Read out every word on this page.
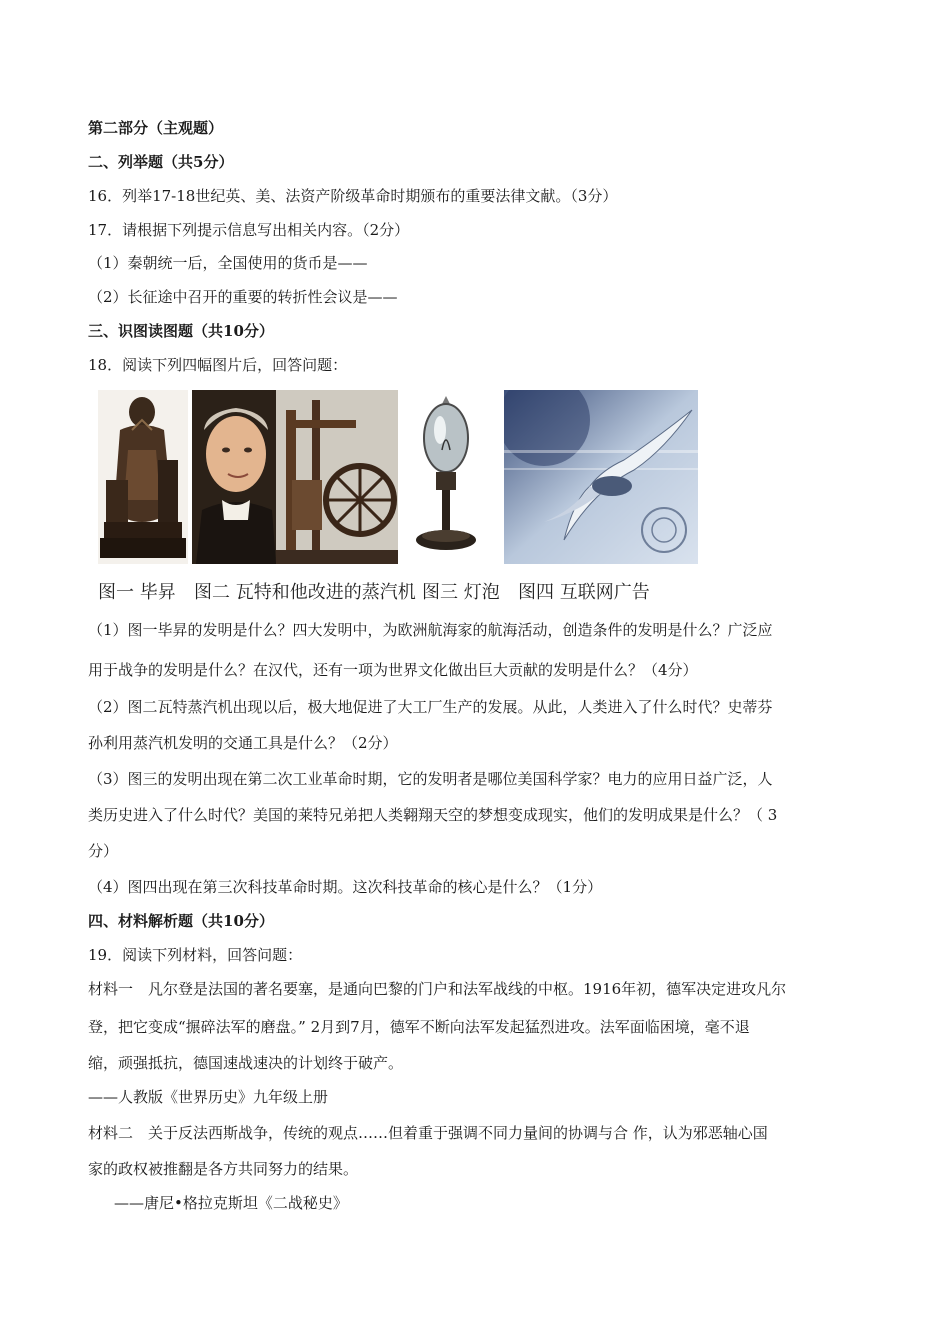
第二部分（主观题）
二、列举题（共5分）
16．列举17-18世纪英、美、法资产阶级革命时期颁布的重要法律文献。（3分）
17．请根据下列提示信息写出相关内容。（2分）
（1）秦朝统一后，全国使用的货币是——
（2）长征途中召开的重要的转折性会议是——
三、识图读图题（共10分）
18．阅读下列四幅图片后，回答问题：
图一 毕昇 图二 瓦特和他改进的蒸汽机 图三 灯泡 图四 互联网广告
（1）图一毕昇的发明是什么？四大发明中，为欧洲航海家的航海活动，创造条件的发明是什么？广泛应
用于战争的发明是什么？在汉代，还有一项为世界文化做出巨大贡献的发明是什么？（4分）
（2）图二瓦特蒸汽机出现以后，极大地促进了大工厂生产的发展。从此，人类进入了什么时代？史蒂芬
孙利用蒸汽机发明的交通工具是什么？（2分）
（3）图三的发明出现在第二次工业革命时期，它的发明者是哪位美国科学家？电力的应用日益广泛，人
类历史进入了什么时代？美国的莱特兄弟把人类翱翔天空的梦想变成现实，他们的发明成果是什么？（ 3
分）
（4）图四出现在第三次科技革命时期。这次科技革命的核心是什么？（1分）
四、材料解析题（共10分）
19．阅读下列材料，回答问题：
材料一　凡尔登是法国的著名要塞，是通向巴黎的门户和法军战线的中枢。1916年初，德军决定进攻凡尔
登，把它变成“搌碎法军的磨盘。” 2月到7月，德军不断向法军发起猛烈进攻。法军面临困境，毫不退
缩，顽强抵抗，德国速战速决的计划终于破产。
——人教版《世界历史》九年级上册
材料二　关于反法西斯战争，传统的观点……但着重于强调不同力量间的协调与合 作，认为邪恶轴心国
家的政权被推翻是各方共同努力的结果。
——唐尼•格拉克斯坦《二战秘史》
